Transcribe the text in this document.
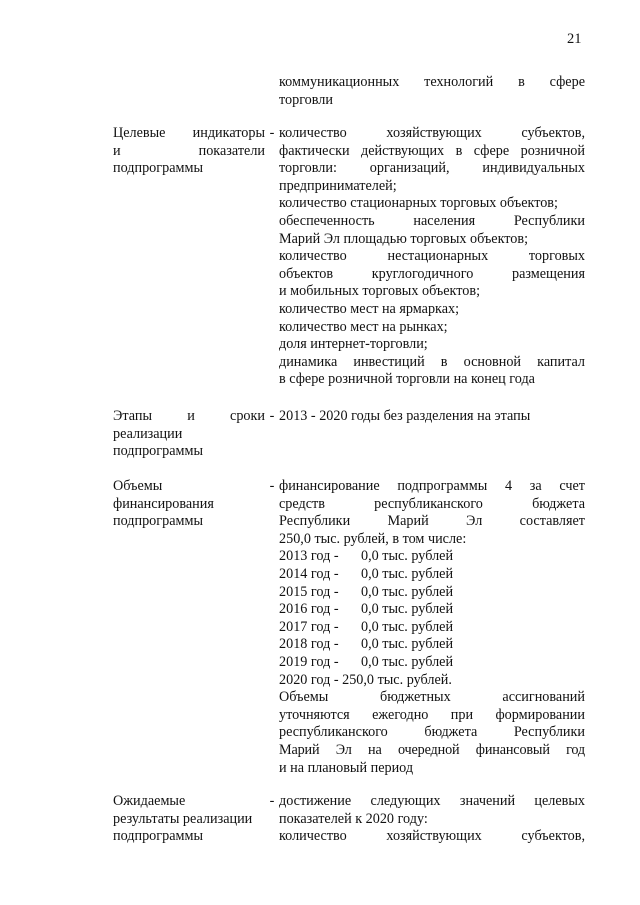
21
коммуникационных технологий в сфере
торговли
Целевые индикаторы
и показатели
подпрограммы
- количество хозяйствующих субъектов,
фактически действующих в сфере розничной
торговли: организаций, индивидуальных
предпринимателей;
количество стационарных торговых объектов;
обеспеченность населения Республики
Марий Эл площадью торговых объектов;
количество нестационарных торговых
объектов круглогодичного размещения
и мобильных торговых объектов;
количество мест на ярмарках;
количество мест на рынках;
доля интернет-торговли;
динамика инвестиций в основной капитал
в сфере розничной торговли на конец года
Этапы и сроки
реализации
подпрограммы
- 2013 - 2020 годы без разделения на этапы
Объемы
финансирования
подпрограммы
- финансирование подпрограммы 4 за счет
средств республиканского бюджета
Республики Марий Эл составляет
250,0 тыс. рублей, в том числе:
2013 год -	0,0 тыс. рублей
2014 год -	0,0 тыс. рублей
2015 год -	0,0 тыс. рублей
2016 год -	0,0 тыс. рублей
2017 год -	0,0 тыс. рублей
2018 год -	0,0 тыс. рублей
2019 год -	0,0 тыс. рублей
2020 год - 250,0 тыс. рублей.
Объемы бюджетных ассигнований
уточняются ежегодно при формировании
республиканского бюджета Республики
Марий Эл на очередной финансовый год
и на плановый период
Ожидаемые
результаты реализации
подпрограммы
- достижение следующих значений целевых
показателей к 2020 году:
количество хозяйствующих субъектов,
